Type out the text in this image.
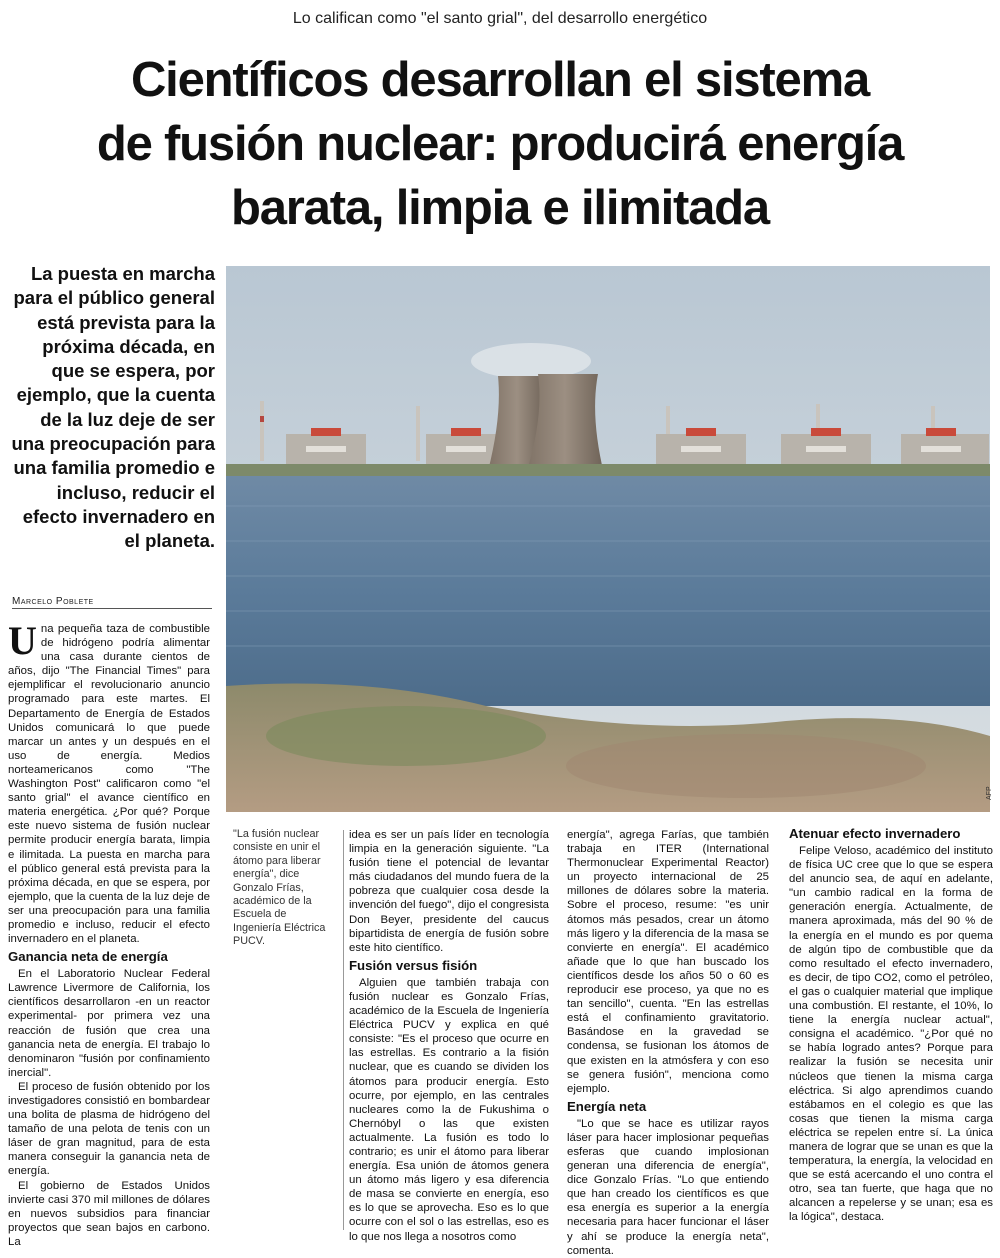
Lo califican como "el santo grial", del desarrollo energético
Científicos desarrollan el sistema
de fusión nuclear: producirá energía
barata, limpia e ilimitada
La puesta en marcha para el público general está prevista para la próxima década, en que se espera, por ejemplo, que la cuenta de la luz deje de ser una preocupación para una familia promedio e incluso, reducir el efecto invernadero en el planeta.
AFP
Marcelo Poblete

Una pequeña taza de combustible de hidrógeno podría alimentar una casa durante cientos de años, dijo "The Financial Times" para ejemplificar el revolucionario anuncio programado para este martes. El Departamento de Energía de Estados Unidos comunicará lo que puede marcar un antes y un después en el uso de energía. Medios norteamericanos como "The Washington Post" calificaron como "el santo grial" el avance científico en materia energética. ¿Por qué? Porque este nuevo sistema de fusión nuclear permite producir energía barata, limpia e ilimitada. La puesta en marcha para el público general está prevista para la próxima década, en que se espera, por ejemplo, que la cuenta de la luz deje de ser una preocupación para una familia promedio e incluso, reducir el efecto invernadero en el planeta.

Ganancia neta de energía

En el Laboratorio Nuclear Federal Lawrence Livermore de California, los científicos desarrollaron -en un reactor experimental- por primera vez una reacción de fusión que crea una ganancia neta de energía. El trabajo lo denominaron "fusión por confinamiento inercial".

El proceso de fusión obtenido por los investigadores consistió en bombardear una bolita de plasma de hidrógeno del tamaño de una pelota de tenis con un láser de gran magnitud, para de esta manera conseguir la ganancia neta de energía.

El gobierno de Estados Unidos invierte casi 370 mil millones de dólares en nuevos subsidios para financiar proyectos que sean bajos en carbono. La

"La fusión nuclear consiste en unir el átomo para liberar energía", dice Gonzalo Frías, académico de la Escuela de Ingeniería Eléctrica PUCV.

idea es ser un país líder en tecnología limpia en la generación siguiente. "La fusión tiene el potencial de levantar más ciudadanos del mundo fuera de la pobreza que cualquier cosa desde la invención del fuego", dijo el congresista Don Beyer, presidente del caucus bipartidista de energía de fusión sobre este hito científico.

Fusión versus fisión

Alguien que también trabaja con fusión nuclear es Gonzalo Frías, académico de la Escuela de Ingeniería Eléctrica PUCV y explica en qué consiste: "Es el proceso que ocurre en las estrellas. Es contrario a la fisión nuclear, que es cuando se dividen los átomos para producir energía. Esto ocurre, por ejemplo, en las centrales nucleares como la de Fukushima o Chernóbyl o las que existen actualmente. La fusión es todo lo contrario; es unir el átomo para liberar energía. Esa unión de átomos genera un átomo más ligero y esa diferencia de masa se convierte en energía, eso es lo que se aprovecha. Eso es lo que ocurre con el sol o las estrellas, eso es lo que nos llega a nosotros como

energía", agrega Farías, que también trabaja en ITER (International Thermonuclear Experimental Reactor) un proyecto internacional de 25 millones de dólares sobre la materia. Sobre el proceso, resume: "es unir átomos más pesados, crear un átomo más ligero y la diferencia de la masa se convierte en energía". El académico añade que lo que han buscado los científicos desde los años 50 o 60 es reproducir ese proceso, ya que no es tan sencillo", cuenta. "En las estrellas está el confinamiento gravitatorio. Basándose en la gravedad se condensa, se fusionan los átomos de que existen en la atmósfera y con eso se genera fusión", menciona como ejemplo.

Energía neta

"Lo que se hace es utilizar rayos láser para hacer implosionar pequeñas esferas que cuando implosionan generan una diferencia de energía", dice Gonzalo Frías. "Lo que entiendo que han creado los científicos es que esa energía es superior a la energía necesaria para hacer funcionar el láser y ahí se produce la energía neta", comenta.

Atenuar efecto invernadero

Felipe Veloso, académico del instituto de física UC cree que lo que se espera del anuncio sea, de aquí en adelante, "un cambio radical en la forma de generación energía. Actualmente, de manera aproximada, más del 90 % de la energía en el mundo es por quema de algún tipo de combustible que da como resultado el efecto invernadero, es decir, de tipo CO2, como el petróleo, el gas o cualquier material que implique una combustión. El restante, el 10%, lo tiene la energía nuclear actual", consigna el académico. "¿Por qué no se había logrado antes? Porque para realizar la fusión se necesita unir núcleos que tienen la misma carga eléctrica. Si algo aprendimos cuando estábamos en el colegio es que las cosas que tienen la misma carga eléctrica se repelen entre sí. La única manera de lograr que se unan es que la temperatura, la energía, la velocidad en que se está acercando el uno contra el otro, sea tan fuerte, que haga que no alcancen a repelerse y se unan; esa es la lógica", destaca.
